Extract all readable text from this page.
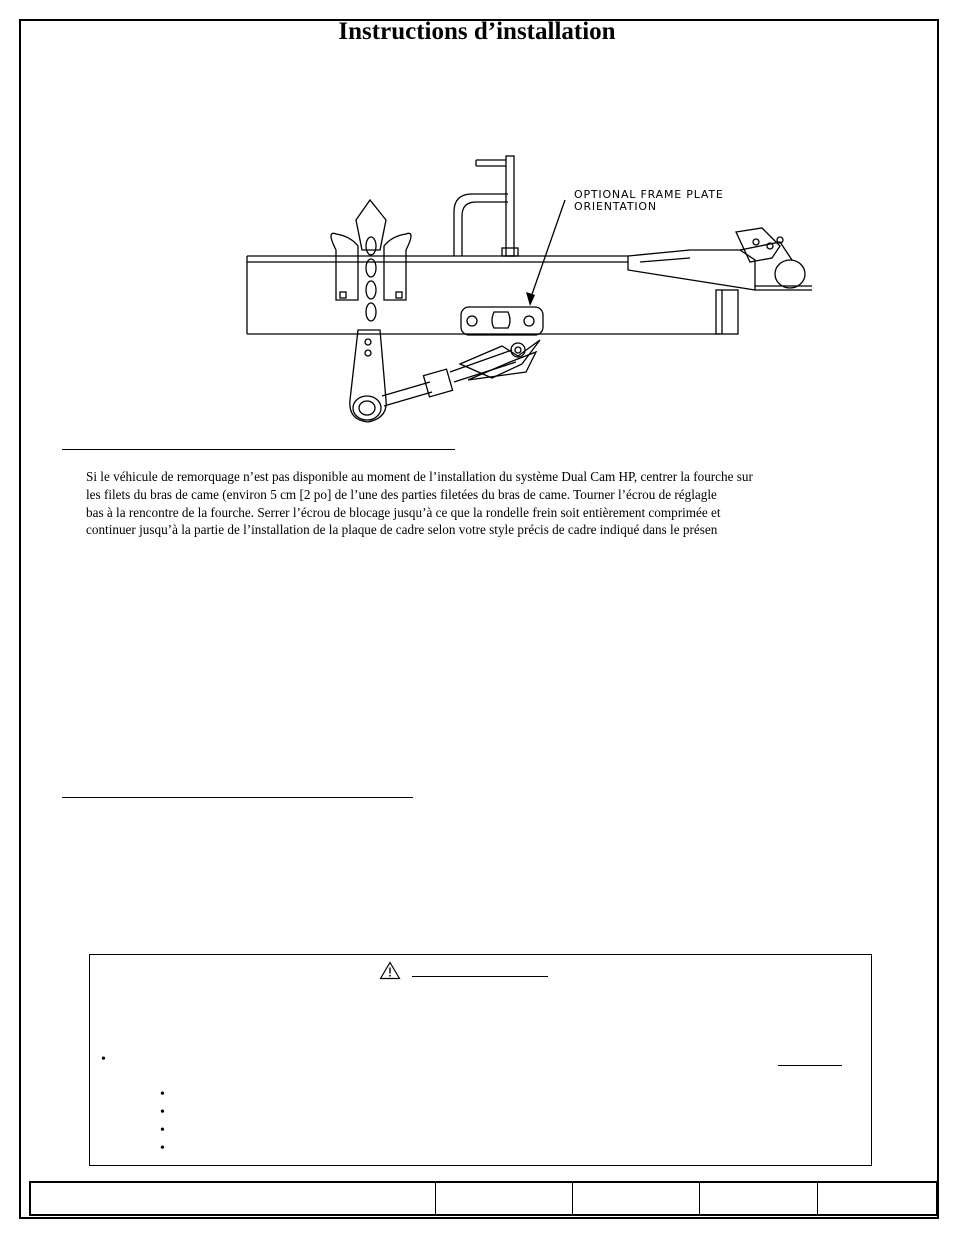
Instructions d’installation
OPTIONAL FRAME PLATE
ORIENTATION
Si le véhicule de remorquage n’est pas disponible au moment de l’installation du système Dual Cam HP, centrer la fourche sur
les filets du bras de came (environ 5 cm [2 po] de l’une des parties filetées du bras de came. Tourner l’écrou de réglagle
bas à la rencontre de la fourche. Serrer l’écrou de blocage jusqu’à ce que la rondelle frein soit entièrement comprimée et
continuer jusqu’à la partie de l’installation de la plaque de cadre selon votre style précis de cadre indiqué dans le présen
•
•
•
•
•
